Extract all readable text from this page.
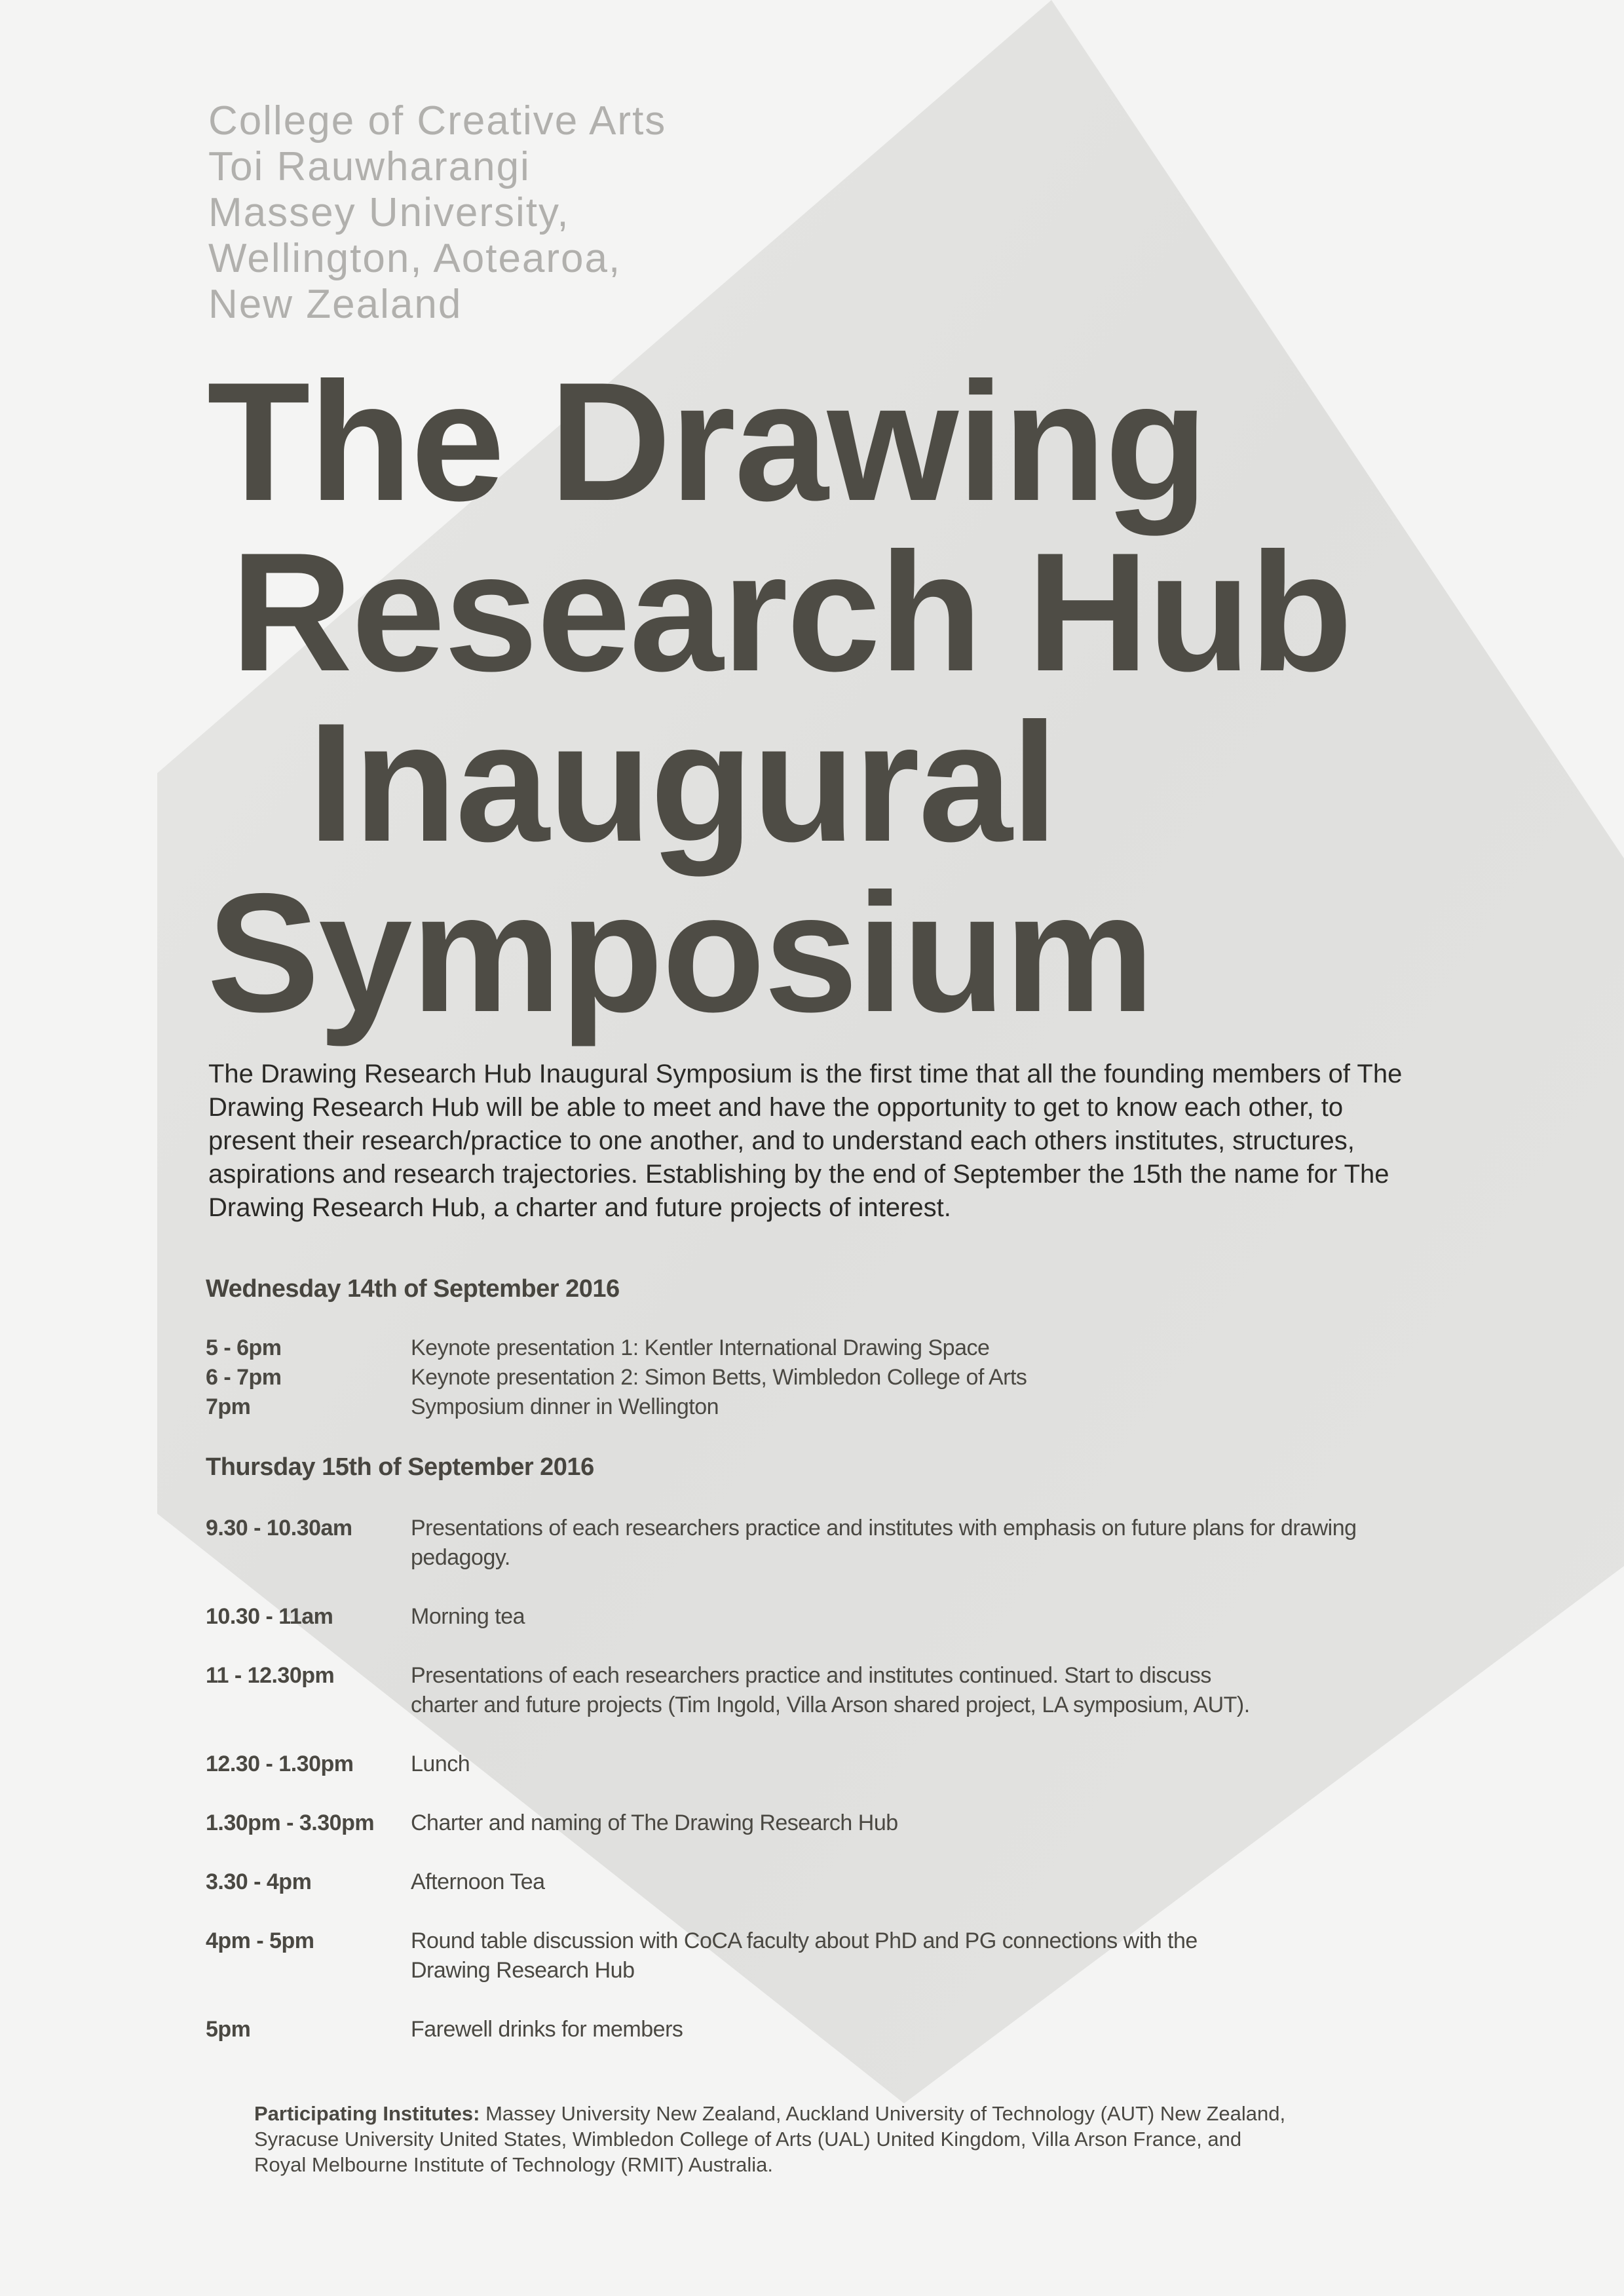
College of Creative Arts
Toi Rauwharangi
Massey University,
Wellington, Aotearoa,
New Zealand
The Drawing
Research Hub
Inaugural
Symposium
The Drawing Research Hub Inaugural Symposium is the first time that all the founding members of The
Drawing Research Hub will be able to meet and have the opportunity to get to know each other, to
present their research/practice to one another, and to understand each others institutes, structures,
aspirations and research trajectories. Establishing by the end of September the 15th the name for The
Drawing Research Hub, a charter and future projects of interest.
Wednesday 14th of September 2016
5 - 6pm	Keynote presentation 1: Kentler International Drawing Space
6 - 7pm	Keynote presentation 2: Simon Betts, Wimbledon College of Arts
7pm	Symposium dinner in Wellington
Thursday 15th of September 2016
9.30 - 10.30am	Presentations of each researchers practice and institutes with emphasis on future plans for drawing
pedagogy.
10.30 - 11am	Morning tea
11 - 12.30pm	Presentations of each researchers practice and institutes continued. Start to discuss
charter and future projects (Tim Ingold, Villa Arson shared project, LA symposium, AUT).
12.30 - 1.30pm	Lunch
1.30pm - 3.30pm	Charter and naming of The Drawing Research Hub
3.30 - 4pm	Afternoon Tea
4pm - 5pm	Round table discussion with CoCA faculty about PhD and PG connections with the
Drawing Research Hub
5pm	Farewell drinks for members
Participating Institutes: Massey University New Zealand, Auckland University of Technology (AUT) New Zealand,
Syracuse University United States, Wimbledon College of Arts (UAL) United Kingdom, Villa Arson France, and
Royal Melbourne Institute of Technology (RMIT) Australia.
